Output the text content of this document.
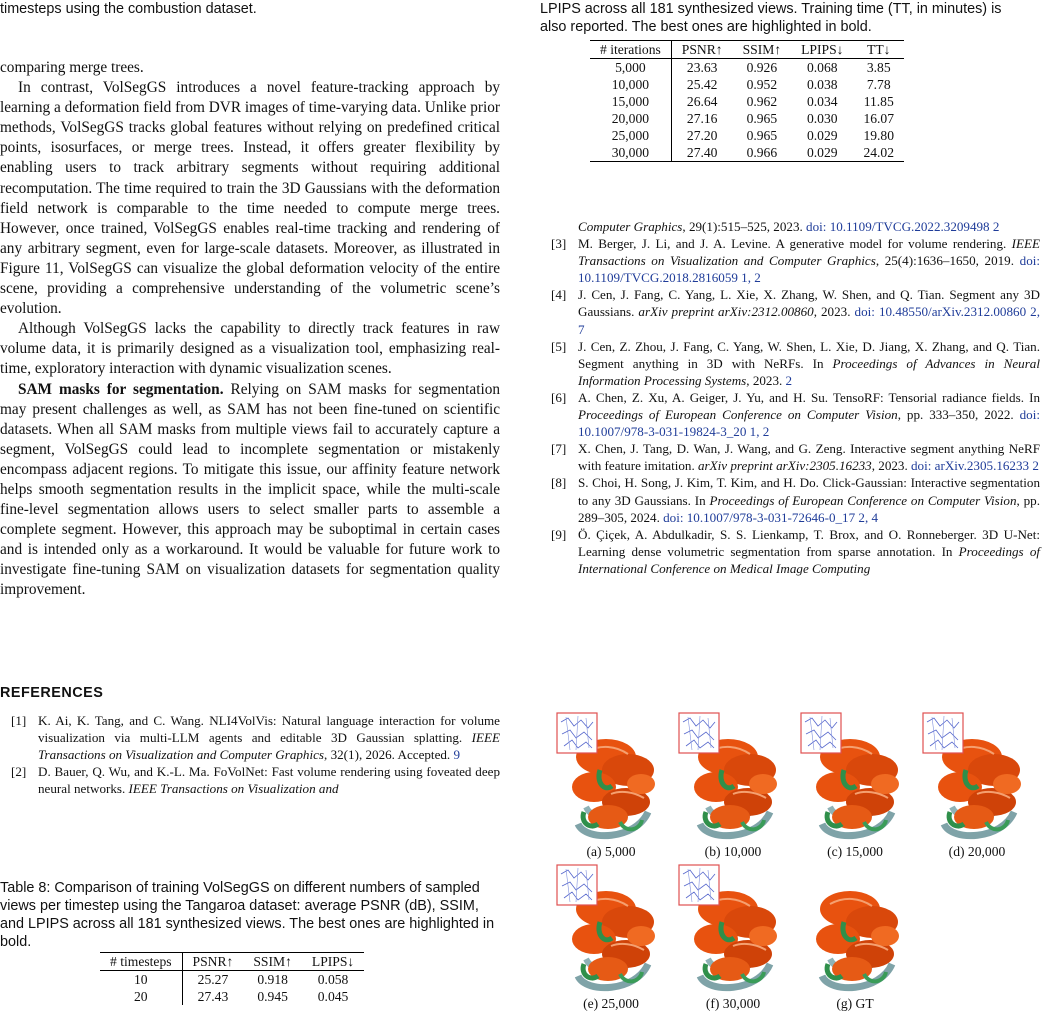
timesteps using the combustion dataset.

comparing merge trees.

In contrast, VolSegGS introduces a novel feature-tracking approach by learning a deformation field from DVR images of time-varying data. Unlike prior methods, VolSegGS tracks global features without relying on predefined critical points, isosurfaces, or merge trees. Instead, it offers greater flexibility by enabling users to track arbitrary segments without requiring additional recomputation. The time required to train the 3D Gaussians with the deformation field network is comparable to the time needed to compute merge trees. However, once trained, VolSegGS enables real-time tracking and rendering of any arbitrary segment, even for large-scale datasets. Moreover, as illustrated in Figure 11, VolSegGS can visualize the global deformation velocity of the entire scene, providing a comprehensive understanding of the volumetric scene’s evolution.

Although VolSegGS lacks the capability to directly track features in raw volume data, it is primarily designed as a visualization tool, emphasizing real-time, exploratory interaction with dynamic visualization scenes.

SAM masks for segmentation. Relying on SAM masks for segmentation may present challenges as well, as SAM has not been fine-tuned on scientific datasets. When all SAM masks from multiple views fail to accurately capture a segment, VolSegGS could lead to incomplete segmentation or mistakenly encompass adjacent regions. To mitigate this issue, our affinity feature network helps smooth segmentation results in the implicit space, while the multi-scale fine-level segmentation allows users to select smaller parts to assemble a complete segment. However, this approach may be suboptimal in certain cases and is intended only as a workaround. It would be valuable for future work to investigate fine-tuning SAM on visualization datasets for segmentation quality improvement.

REFERENCES
[1] K. Ai, K. Tang, and C. Wang. NLI4VolVis: Natural language interaction for volume visualization via multi-LLM agents and editable 3D Gaussian splatting. IEEE Transactions on Visualization and Computer Graphics, 32(1), 2026. Accepted. 9
[2] D. Bauer, Q. Wu, and K.-L. Ma. FoVolNet: Fast volume rendering using foveated deep neural networks. IEEE Transactions on Visualization and

Table 8: Comparison of training VolSegGS on different numbers of sampled views per timestep using the Tangaroa dataset: average PSNR (dB), SSIM, and LPIPS across all 181 synthesized views. The best ones are highlighted in bold.

# timesteps	PSNR↑	SSIM↑	LPIPS↓
10	25.27	0.918	0.058
20	27.43	0.945	0.045

LPIPS across all 181 synthesized views. Training time (TT, in minutes) is
also reported. The best ones are highlighted in bold.

# iterations	PSNR↑	SSIM↑	LPIPS↓	TT↓
5,000	23.63	0.926	0.068	3.85
10,000	25.42	0.952	0.038	7.78
15,000	26.64	0.962	0.034	11.85
20,000	27.16	0.965	0.030	16.07
25,000	27.20	0.965	0.029	19.80
30,000	27.40	0.966	0.029	24.02
Computer Graphics, 29(1):515–525, 2023. doi: 10.1109/TVCG.2022.3209498 2
[3] M. Berger, J. Li, and J. A. Levine. A generative model for volume rendering. IEEE Transactions on Visualization and Computer Graphics, 25(4):1636–1650, 2019. doi: 10.1109/TVCG.2018.2816059 1, 2
[4] J. Cen, J. Fang, C. Yang, L. Xie, X. Zhang, W. Shen, and Q. Tian. Segment any 3D Gaussians. arXiv preprint arXiv:2312.00860, 2023. doi: 10.48550/arXiv.2312.00860 2, 7
[5] J. Cen, Z. Zhou, J. Fang, C. Yang, W. Shen, L. Xie, D. Jiang, X. Zhang, and Q. Tian. Segment anything in 3D with NeRFs. In Proceedings of Advances in Neural Information Processing Systems, 2023. 2
[6] A. Chen, Z. Xu, A. Geiger, J. Yu, and H. Su. TensoRF: Tensorial radiance fields. In Proceedings of European Conference on Computer Vision, pp. 333–350, 2022. doi: 10.1007/978-3-031-19824-3_20 1, 2
[7] X. Chen, J. Tang, D. Wan, J. Wang, and G. Zeng. Interactive segment anything NeRF with feature imitation. arXiv preprint arXiv:2305.16233, 2023. doi: arXiv.2305.16233 2
[8] S. Choi, H. Song, J. Kim, T. Kim, and H. Do. Click-Gaussian: Interactive segmentation to any 3D Gaussians. In Proceedings of European Conference on Computer Vision, pp. 289–305, 2024. doi: 10.1007/978-3-031-72646-0_17 2, 4
[9] Ö. Çiçek, A. Abdulkadir, S. S. Lienkamp, T. Brox, and O. Ronneberger. 3D U-Net: Learning dense volumetric segmentation from sparse annotation. In Proceedings of International Conference on Medical Image Computing
(a) 5,000	(b) 10,000	(c) 15,000	(d) 20,000
(e) 25,000	(f) 30,000	(g) GT
